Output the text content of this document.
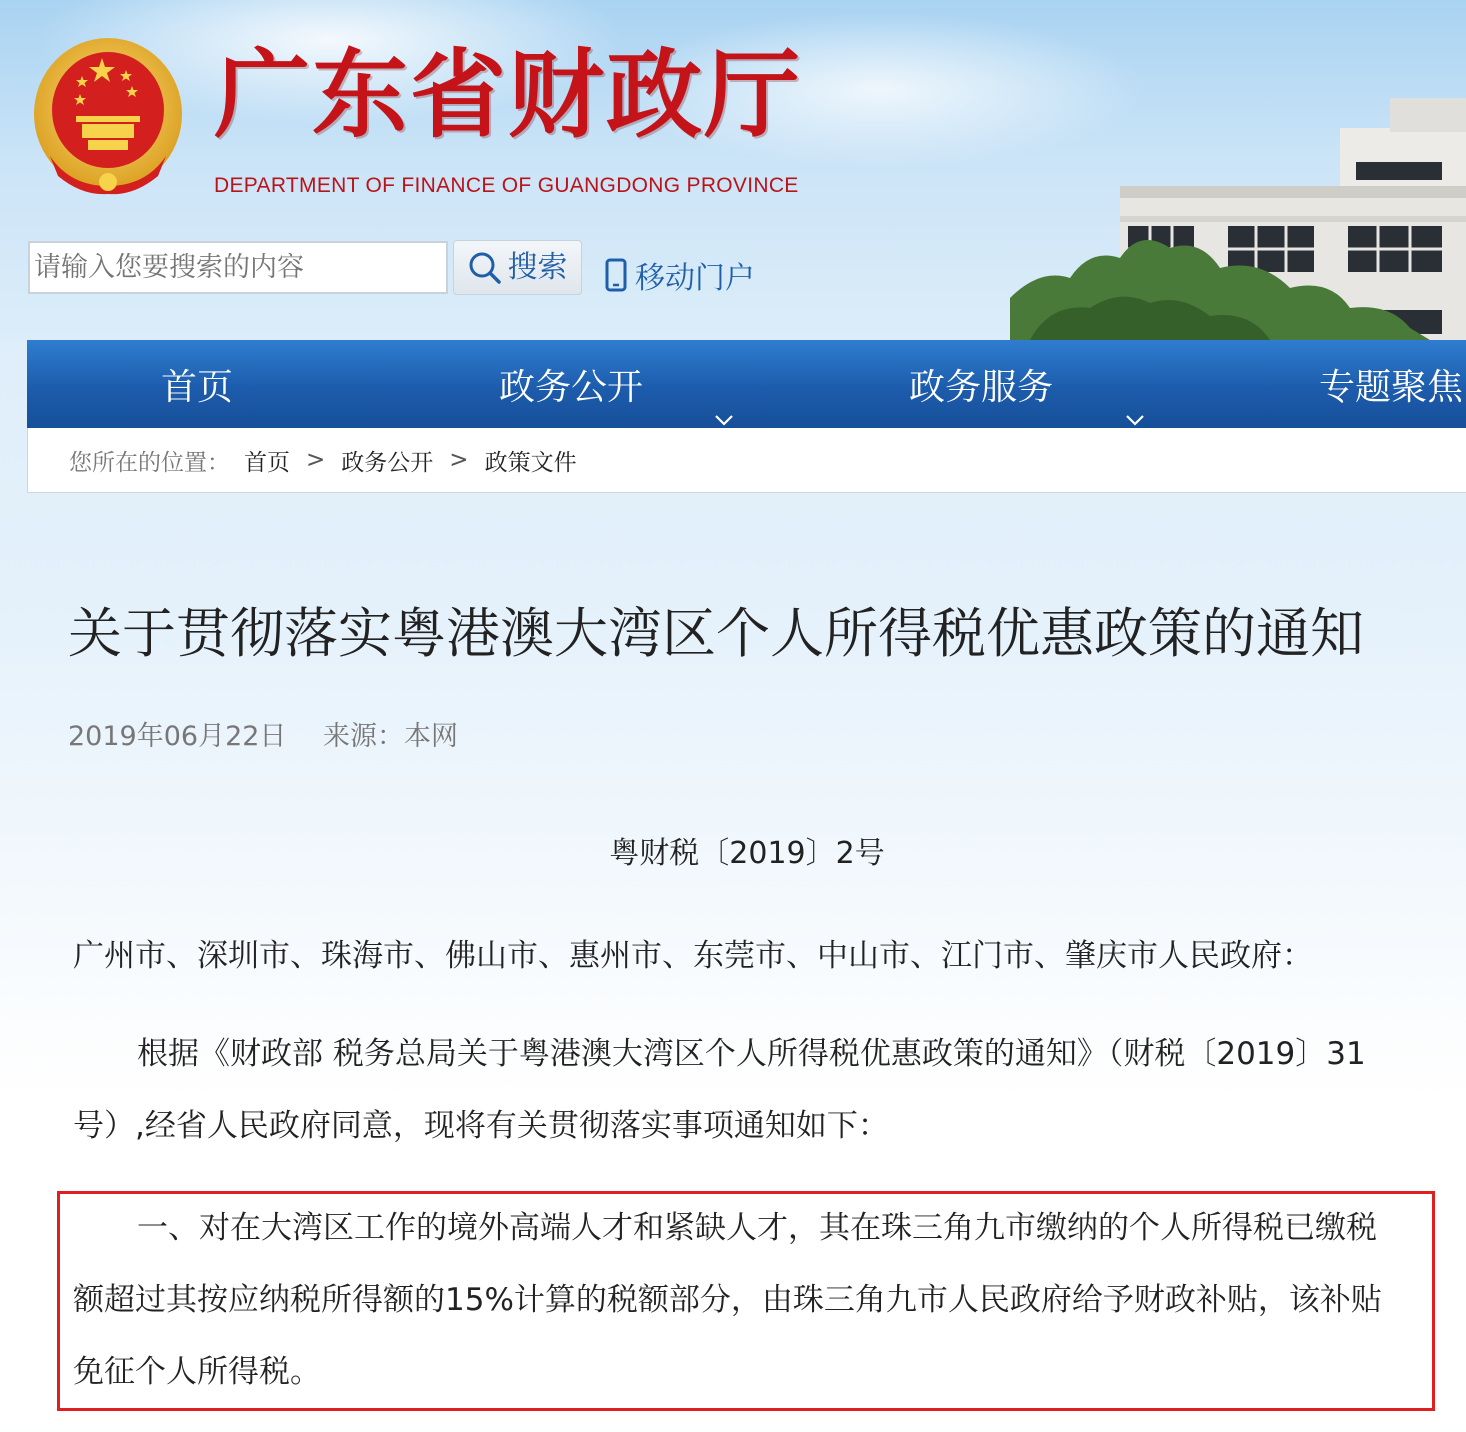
广东省财政厅
DEPARTMENT OF FINANCE OF GUANGDONG PROVINCE
请输入您要搜索的内容
搜索 移动门户
首页	政务公开	政务服务	专题聚焦
您所在的位置： 首页 > 政务公开 > 政策文件
关于贯彻落实粤港澳大湾区个人所得税优惠政策的通知
2019年06月22日 来源：本网
粤财税〔2019〕2号
广州市、深圳市、珠海市、佛山市、惠州市、东莞市、中山市、江门市、肇庆市人民政府：
根据《财政部 税务总局关于粤港澳大湾区个人所得税优惠政策的通知》（财税〔2019〕31
号）,经省人民政府同意，现将有关贯彻落实事项通知如下：
一、对在大湾区工作的境外高端人才和紧缺人才，其在珠三角九市缴纳的个人所得税已缴税
额超过其按应纳税所得额的15%计算的税额部分，由珠三角九市人民政府给予财政补贴，该补贴
免征个人所得税。
